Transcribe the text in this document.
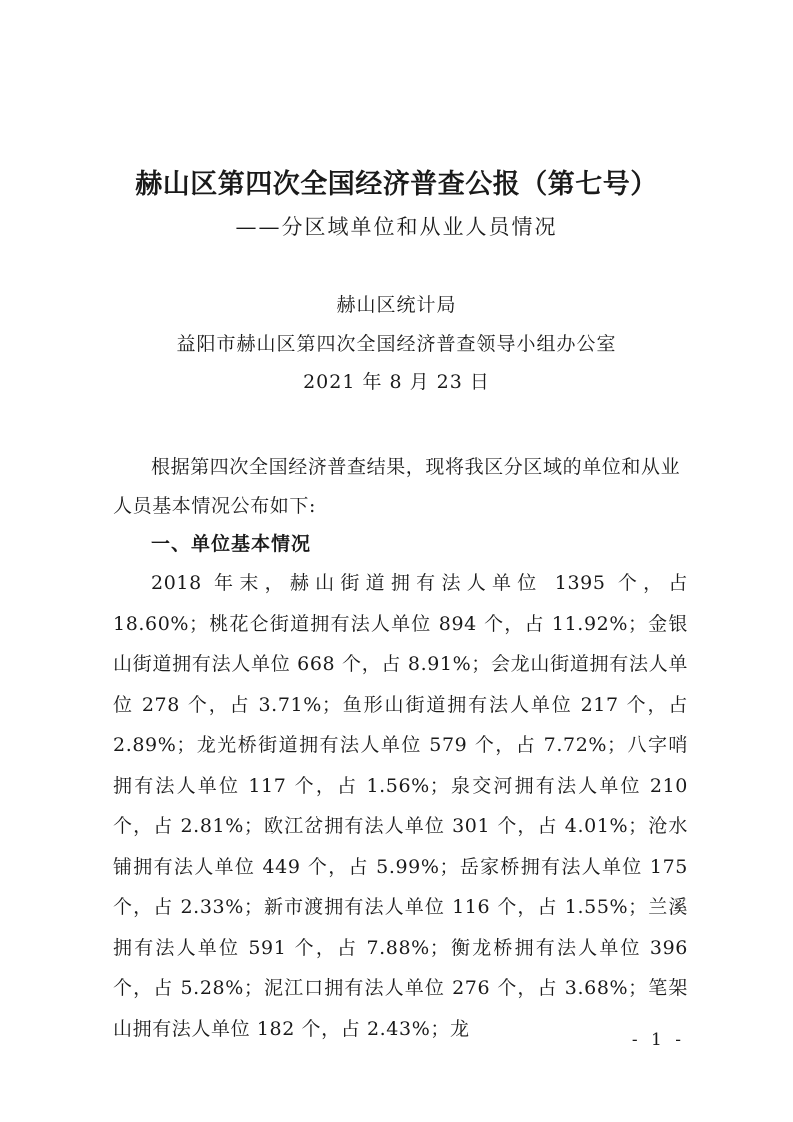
赫山区第四次全国经济普查公报（第七号）
——分区域单位和从业人员情况
赫山区统计局
益阳市赫山区第四次全国经济普查领导小组办公室
2021 年 8 月 23 日
根据第四次全国经济普查结果，现将我区分区域的单位和从业人员基本情况公布如下:
一、单位基本情况
2018 年末，赫山街道拥有法人单位 1395 个，占 18.60%；桃花仑街道拥有法人单位 894 个，占 11.92%；金银山街道拥有法人单位 668 个，占 8.91%；会龙山街道拥有法人单位 278 个，占 3.71%；鱼形山街道拥有法人单位 217 个，占 2.89%；龙光桥街道拥有法人单位 579 个，占 7.72%；八字哨拥有法人单位 117 个，占 1.56%；泉交河拥有法人单位 210 个，占 2.81%；欧江岔拥有法人单位 301 个，占 4.01%；沧水铺拥有法人单位 449 个，占 5.99%；岳家桥拥有法人单位 175 个，占 2.33%；新市渡拥有法人单位 116 个，占 1.55%；兰溪拥有法人单位 591 个，占 7.88%；衡龙桥拥有法人单位 396 个，占 5.28%；泥江口拥有法人单位 276 个，占 3.68%；笔架山拥有法人单位 182 个，占 2.43%；龙
- 1 -
